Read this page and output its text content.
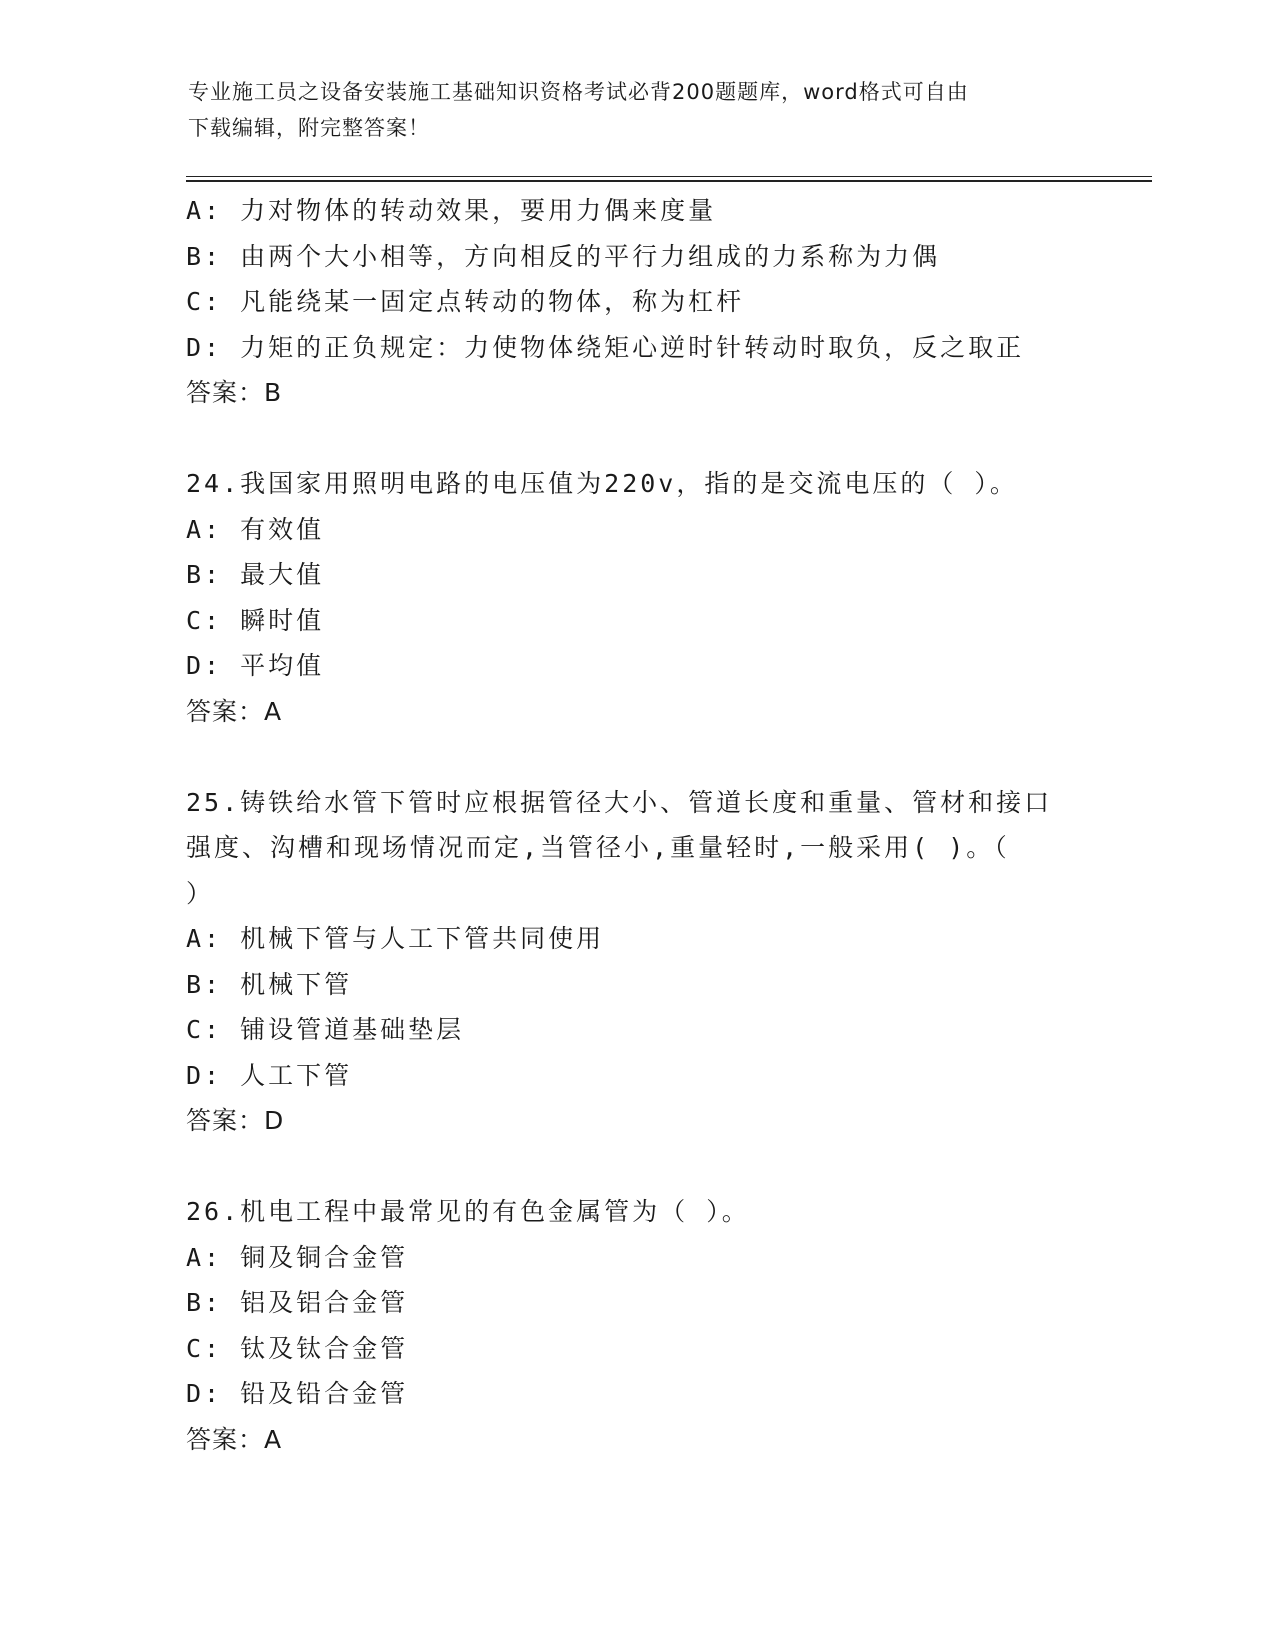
专业施工员之设备安装施工基础知识资格考试必背200题题库，word格式可自由
下载编辑，附完整答案！
A: 力对物体的转动效果，要用力偶来度量
B: 由两个大小相等，方向相反的平行力组成的力系称为力偶
C: 凡能绕某一固定点转动的物体，称为杠杆
D: 力矩的正负规定：力使物体绕矩心逆时针转动时取负，反之取正
答案：B
24.我国家用照明电路的电压值为220v，指的是交流电压的（ ）。
A: 有效值
B: 最大值
C: 瞬时值
D: 平均值
答案：A
25.铸铁给水管下管时应根据管径大小、管道长度和重量、管材和接口
强度、沟槽和现场情况而定,当管径小,重量轻时,一般采用( )。（
）
A: 机械下管与人工下管共同使用
B: 机械下管
C: 铺设管道基础垫层
D: 人工下管
答案：D
26.机电工程中最常见的有色金属管为（ ）。
A: 铜及铜合金管
B: 铝及铝合金管
C: 钛及钛合金管
D: 铅及铅合金管
答案：A
